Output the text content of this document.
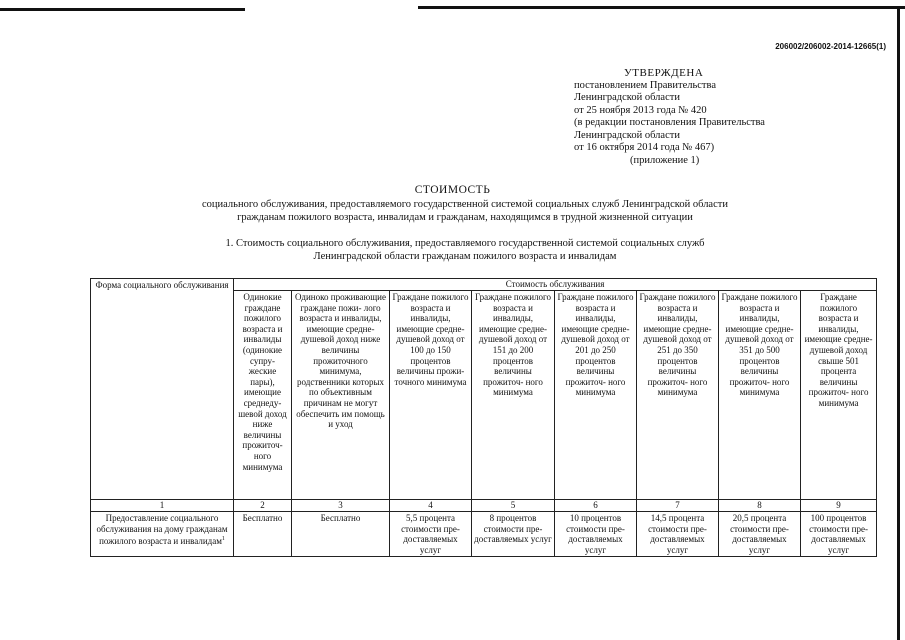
206002/206002-2014-12665(1)
УТВЕРЖДЕНА
постановлением Правительства
Ленинградской области
от 25 ноября 2013 года № 420
(в редакции постановления Правительства
Ленинградской области
от 16 октября 2014 года № 467)
(приложение 1)
СТОИМОСТЬ
социального обслуживания, предоставляемого государственной системой социальных служб Ленинградской области
гражданам пожилого возраста, инвалидам и гражданам, находящимся в трудной жизненной ситуации
1. Стоимость социального обслуживания, предоставляемого государственной системой социальных служб
Ленинградской области гражданам пожилого возраста и инвалидам
Форма социального обслуживания	Стоимость обслуживания							
	Одинокие граждане пожилого возраста и инвалиды (одинокие супру- жеские пары), имеющие среднеду- шевой доход ниже величины прожиточ- ного минимума	Одиноко проживающие граждане пожи- лого возраста и инвалиды, имеющие средне- душевой доход ниже величины прожиточного минимума, родственники которых по объективным причинам не могут обеспечить им помощь и уход	Граждане пожилого возраста и инвалиды, имеющие средне- душевой доход от 100 до 150 процентов величины прожи- точного минимума	Граждане пожилого возраста и инвалиды, имеющие средне- душевой доход от 151 до 200 процентов величины прожиточ- ного минимума	Граждане пожилого возраста и инвалиды, имеющие средне- душевой доход от 201 до 250 процентов величины прожиточ- ного минимума	Граждане пожилого возраста и инвалиды, имеющие средне- душевой доход от 251 до 350 процентов величины прожиточ- ного минимума	Граждане пожилого возраста и инвалиды, имеющие средне- душевой доход от 351 до 500 процентов величины прожиточ- ного минимума	Граждане пожилого возраста и инвалиды, имеющие средне- душевой доход свыше 501 процента величины прожиточ- ного минимума
1	2	3	4	5	6	7	8	9
Предоставление социального обслуживания на дому гражданам пожилого возраста и инвалидам$^1$	Бесплатно	Бесплатно	5,5 процента стоимости пре- доставляемых услуг	8 процентов стоимости пре- доставляемых услуг	10 процентов стоимости пре- доставляемых услуг	14,5 процента стоимости пре- доставляемых услуг	20,5 процента стоимости пре- доставляемых услуг	100 процентов стоимости пре- доставляемых услуг
